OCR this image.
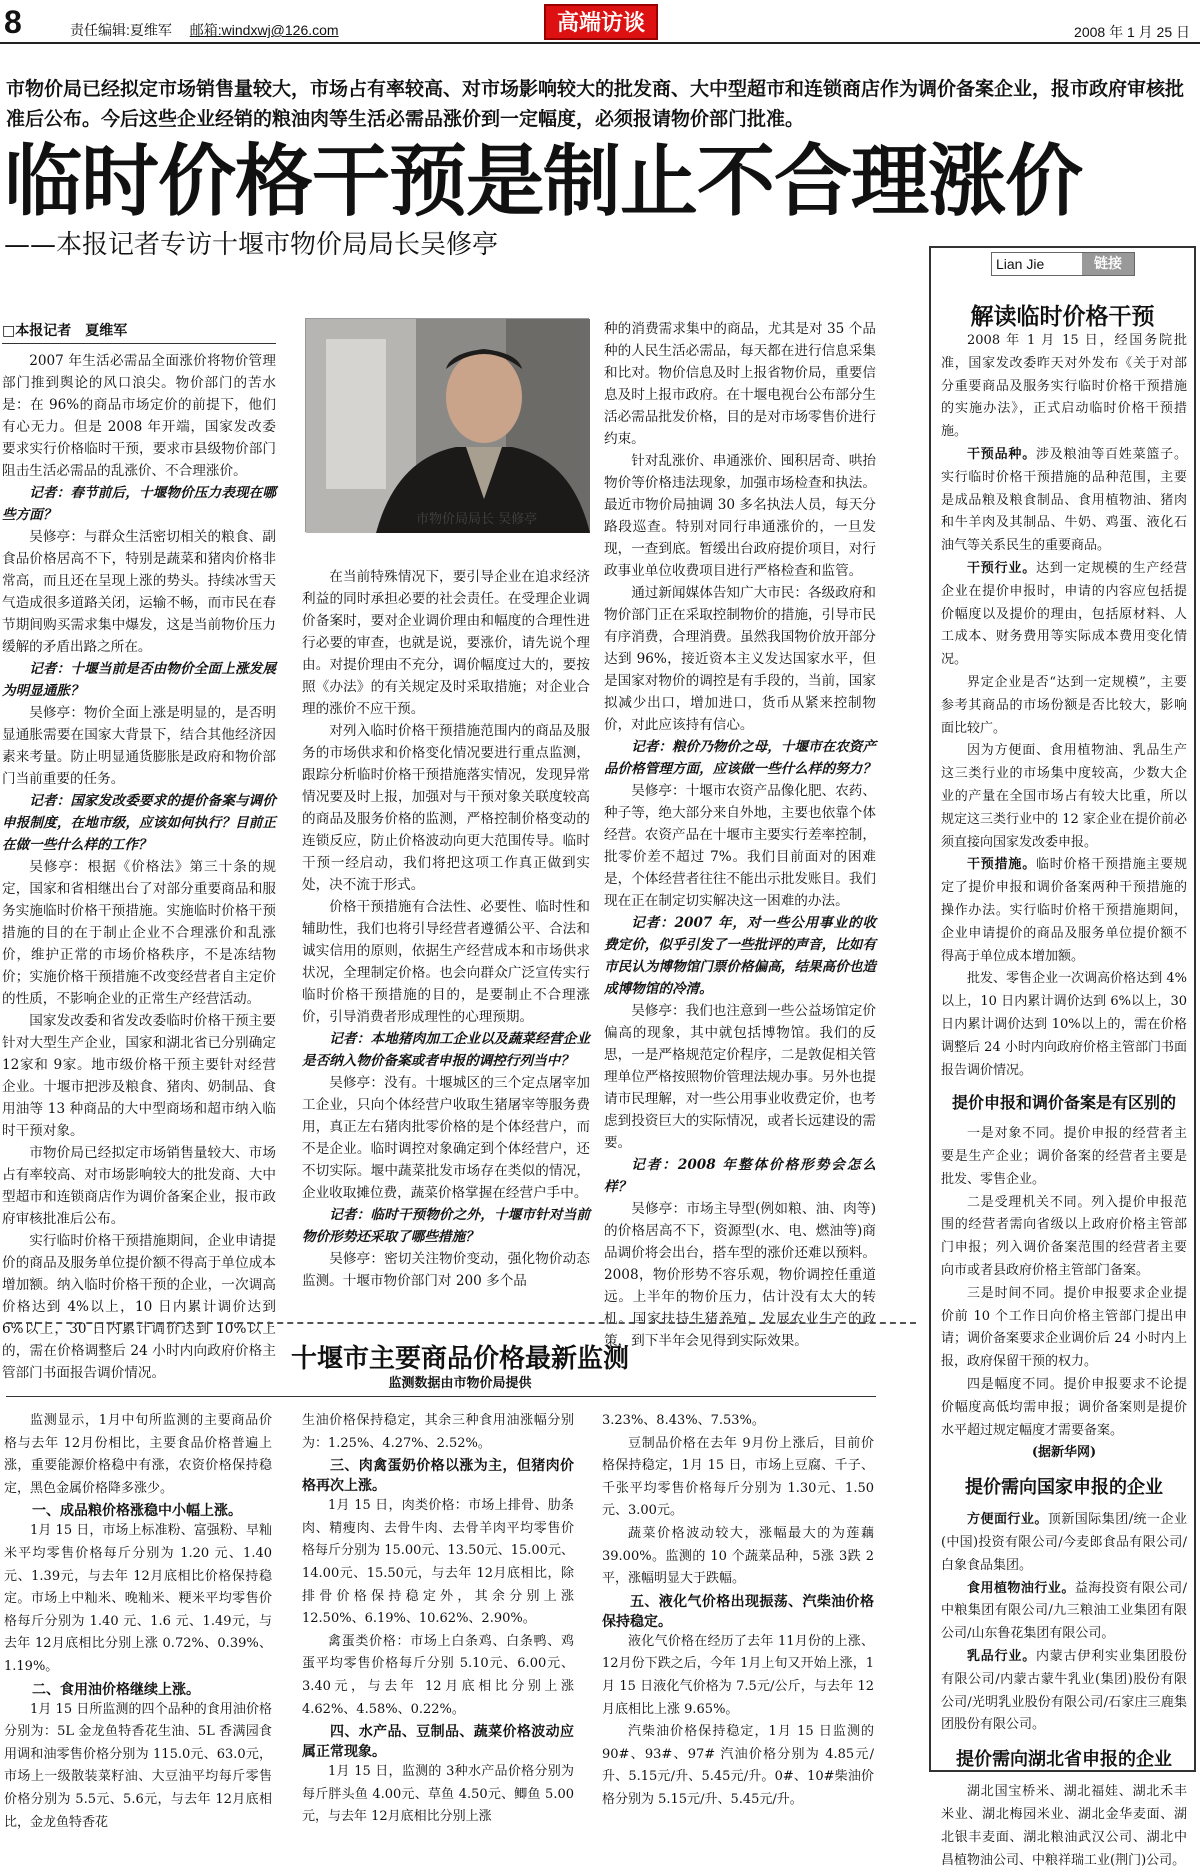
8	责任编辑:夏维军 邮箱:windxwj@126.com	高端访谈	2008 年 1 月 25 日
市物价局已经拟定市场销售量较大，市场占有率较高、对市场影响较大的批发商、大中型超市和连锁商店作为调价备案企业，报市政府审核批准后公布。今后这些企业经销的粮油肉等生活必需品涨价到一定幅度，必须报请物价部门批准。
临时价格干预是制止不合理涨价
——本报记者专访十堰市物价局局长吴修亭
□本报记者　夏维军

2007 年生活必需品全面涨价将物价管理部门推到舆论的风口浪尖。物价部门的苦水是：在 96%的商品市场定价的前提下，他们有心无力。但是 2008 年开端，国家发改委要求实行价格临时干预，要求市县级物价部门阻击生活必需品的乱涨价、不合理涨价。

记者：春节前后，十堰物价压力表现在哪些方面？

吴修亭：与群众生活密切相关的粮食、副食品价格居高不下，特别是蔬菜和猪肉价格非常高，而且还在呈现上涨的势头。持续冰雪天气造成很多道路关闭，运输不畅，而市民在春节期间购买需求集中爆发，这是当前物价压力缓解的矛盾出路之所在。

记者：十堰当前是否由物价全面上涨发展为明显通胀？

吴修亭：物价全面上涨是明显的，是否明显通胀需要在国家大背景下，结合其他经济因素来考量。防止明显通货膨胀是政府和物价部门当前重要的任务。

记者：国家发改委要求的提价备案与调价申报制度，在地市级，应该如何执行？目前正在做一些什么样的工作？

吴修亭：根据《价格法》第三十条的规定，国家和省相继出台了对部分重要商品和服务实施临时价格干预措施。实施临时价格干预措施的目的在于制止企业不合理涨价和乱涨价，维护正常的市场价格秩序，不是冻结物价；实施价格干预措施不改变经营者自主定价的性质，不影响企业的正常生产经营活动。

国家发改委和省发改委临时价格干预主要针对大型生产企业，国家和湖北省已分别确定 12家和 9家。地市级价格干预主要针对经营企业。十堰市把涉及粮食、猪肉、奶制品、食用油等 13 种商品的大中型商场和超市纳入临时干预对象。

市物价局已经拟定市场销售量较大、市场占有率较高、对市场影响较大的批发商、大中型超市和连锁商店作为调价备案企业，报市政府审核批准后公布。

实行临时价格干预措施期间，企业申请提价的商品及服务单位提价额不得高于单位成本增加额。纳入临时价格干预的企业，一次调高价格达到 4%以上，10 日内累计调价达到 6%以上，30 日内累计调价达到 10%以上的，需在价格调整后 24 小时内向政府价格主管部门书面报告调价情况。

市物价局局长 吴修亭

在当前特殊情况下，要引导企业在追求经济利益的同时承担必要的社会责任。在受理企业调价备案时，要对企业调价理由和幅度的合理性进行必要的审查，也就是说，要涨价，请先说个理由。对提价理由不充分，调价幅度过大的，要按照《办法》的有关规定及时采取措施；对企业合理的涨价不应干预。

对列入临时价格干预措施范围内的商品及服务的市场供求和价格变化情况要进行重点监测，跟踪分析临时价格干预措施落实情况，发现异常情况要及时上报，加强对与干预对象关联度较高的商品及服务价格的监测，严格控制价格变动的连锁反应，防止价格波动向更大范围传导。临时干预一经启动，我们将把这项工作真正做到实处，决不流于形式。

价格干预措施有合法性、必要性、临时性和辅助性，我们也将引导经营者遵循公平、合法和诚实信用的原则，依据生产经营成本和市场供求状况，全理制定价格。也会向群众广泛宣传实行临时价格干预措施的目的，是要制止不合理涨价，引导消费者形成理性的心理预期。

记者：本地猪肉加工企业以及蔬菜经营企业是否纳入物价备案或者申报的调控行列当中？

吴修亭：没有。十堰城区的三个定点屠宰加工企业，只向个体经营户收取生猪屠宰等服务费用，真正左右猪肉批零价格的是个体经营户，而不是企业。临时调控对象确定到个体经营户，还不切实际。堰中蔬菜批发市场存在类似的情况，企业收取摊位费，蔬菜价格掌握在经营户手中。

记者：临时干预物价之外，十堰市针对当前物价形势还采取了哪些措施？

吴修亭：密切关注物价变动，强化物价动态监测。十堰市物价部门对 200 多个品

种的消费需求集中的商品，尤其是对 35 个品种的人民生活必需品，每天都在进行信息采集和比对。物价信息及时上报省物价局，重要信息及时上报市政府。在十堰电视台公布部分生活必需品批发价格，目的是对市场零售价进行约束。

针对乱涨价、串通涨价、囤积居奇、哄抬物价等价格违法现象，加强市场检查和执法。最近市物价局抽调 30 多名执法人员，每天分路段巡查。特别对同行串通涨价的，一旦发现，一查到底。暂缓出台政府提价项目，对行政事业单位收费项目进行严格检查和监管。

通过新闻媒体告知广大市民：各级政府和物价部门正在采取控制物价的措施，引导市民有序消费，合理消费。虽然我国物价放开部分达到 96%，接近资本主义发达国家水平，但是国家对物价的调控是有手段的，当前，国家拟减少出口，增加进口，货币从紧来控制物价，对此应该持有信心。

记者：粮价乃物价之母，十堰市在农资产品价格管理方面，应该做一些什么样的努力？

吴修亭：十堰市农资产品像化肥、农药、种子等，绝大部分来自外地，主要也依靠个体经营。农资产品在十堰市主要实行差率控制，批零价差不超过 7%。我们目前面对的困难是，个体经营者往往不能出示批发账目。我们现在正在制定切实解决这一困难的办法。

记者：2007 年，对一些公用事业的收费定价，似乎引发了一些批评的声音，比如有市民认为博物馆门票价格偏高，结果高价也造成博物馆的冷清。

吴修亭：我们也注意到一些公益场馆定价偏高的现象，其中就包括博物馆。我们的反思，一是严格规范定价程序，二是敦促相关管理单位严格按照物价管理法规办事。另外也提请市民理解，对一些公用事业收费定价，也考虑到投资巨大的实际情况，或者长远建设的需要。

记者：2008 年整体价格形势会怎么样？

吴修亭：市场主导型(例如粮、油、肉等)的价格居高不下，资源型(水、电、燃油等)商品调价将会出台，搭车型的涨价还难以预料。2008，物价形势不容乐观，物价调控任重道远。上半年的物价压力，估计没有太大的转机。国家扶持生猪养殖，发展农业生产的政策，到下半年会见得到实际效果。

Lian Jie	链接
解读临时价格干预

2008 年 1 月 15 日，经国务院批准，国家发改委昨天对外发布《关于对部分重要商品及服务实行临时价格干预措施的实施办法》，正式启动临时价格干预措施。

干预品种。涉及粮油等百姓菜篮子。实行临时价格干预措施的品种范围，主要是成品粮及粮食制品、食用植物油、猪肉和牛羊肉及其制品、牛奶、鸡蛋、液化石油气等关系民生的重要商品。

干预行业。达到一定规模的生产经营企业在提价申报时，申请的内容应包括提价幅度以及提价的理由，包括原材料、人工成本、财务费用等实际成本费用变化情况。

界定企业是否“达到一定规模”，主要参考其商品的市场份额是否比较大，影响面比较广。

因为方便面、食用植物油、乳品生产这三类行业的市场集中度较高，少数大企业的产量在全国市场占有较大比重，所以规定这三类行业中的 12 家企业在提价前必须直接向国家发改委申报。

干预措施。临时价格干预措施主要规定了提价申报和调价备案两种干预措施的操作办法。实行临时价格干预措施期间，企业申请提价的商品及服务单位提价额不得高于单位成本增加额。

批发、零售企业一次调高价格达到 4%以上，10 日内累计调价达到 6%以上，30 日内累计调价达到 10%以上的，需在价格调整后 24 小时内向政府价格主管部门书面报告调价情况。

提价申报和调价备案是有区别的

一是对象不同。提价申报的经营者主要是生产企业；调价备案的经营者主要是批发、零售企业。

二是受理机关不同。列入提价申报范围的经营者需向省级以上政府价格主管部门申报；列入调价备案范围的经营者主要向市或者县政府价格主管部门备案。

三是时间不同。提价申报要求企业提价前 10 个工作日向价格主管部门提出申请；调价备案要求企业调价后 24 小时内上报，政府保留干预的权力。

四是幅度不同。提价申报要求不论提价幅度高低均需申报；调价备案则是提价水平超过规定幅度才需要备案。

(据新华网)

提价需向国家申报的企业

方便面行业。顶新国际集团/统一企业(中国)投资有限公司/今麦郎食品有限公司/白象食品集团。

食用植物油行业。益海投资有限公司/中粮集团有限公司/九三粮油工业集团有限公司/山东鲁花集团有限公司。

乳品行业。内蒙古伊利实业集团股份有限公司/内蒙古蒙牛乳业(集团)股份有限公司/光明乳业股份有限公司/石家庄三鹿集团股份有限公司。

提价需向湖北省申报的企业

湖北国宝桥米、湖北福娃、湖北禾丰米业、湖北梅园米业、湖北金华麦面、湖北银丰麦面、湖北粮油武汉公司、湖北中昌植物油公司、中粮祥瑞工业(荆门)公司。

十堰市主要商品价格最新监测
监测数据由市物价局提供

监测显示，1月中旬所监测的主要商品价格与去年 12月份相比，主要食品价格普遍上涨，重要能源价格稳中有涨，农资价格保持稳定，黑色金属价格降多涨少。

一、成品粮价格涨稳中小幅上涨。

1月 15 日，市场上标准粉、富强粉、早籼米平均零售价格每斤分别为 1.20 元、1.40 元、1.39元，与去年 12月底相比价格保持稳定。市场上中籼米、晚籼米、粳米平均零售价格每斤分别为 1.40 元、1.6 元、1.49元，与去年 12月底相比分别上涨 0.72%、0.39%、1.19%。

二、食用油价格继续上涨。

1月 15 日所监测的四个品种的食用油价格分别为：5L 金龙鱼特香花生油、5L 香满园食用调和油零售价格分别为 115.0元、63.0元，市场上一级散装菜籽油、大豆油平均每斤零售价格分别为 5.5元、5.6元，与去年 12月底相比，金龙鱼特香花

生油价格保持稳定，其余三种食用油涨幅分别为：1.25%、4.27%、2.52%。

三、肉禽蛋奶价格以涨为主，但猪肉价格再次上涨。

1月 15 日，肉类价格：市场上排骨、肋条肉、精瘦肉、去骨牛肉、去骨羊肉平均零售价格每斤分别为 15.00元、13.50元、15.00元、14.00元、15.50元，与去年 12月底相比，除排骨价格保持稳定外，其余分别上涨 12.50%、6.19%、10.62%、2.90%。

禽蛋类价格：市场上白条鸡、白条鸭、鸡蛋平均零售价格每斤分别 5.10元、6.00元、3.40元，与去年 12月底相比分别上涨 4.62%、4.58%、0.22%。

四、水产品、豆制品、蔬菜价格波动应属正常现象。

1月 15 日，监测的 3种水产品价格分别为每斤胖头鱼 4.00元、草鱼 4.50元、鲫鱼 5.00元，与去年 12月底相比分别上涨

3.23%、8.43%、7.53%。

豆制品价格在去年 9月份上涨后，目前价格保持稳定，1月 15 日，市场上豆腐、千子、千张平均零售价格每斤分别为 1.30元、1.50元、3.00元。

蔬菜价格波动较大，涨幅最大的为莲藕 39.00%。监测的 10 个蔬菜品种，5涨 3跌 2平，涨幅明显大于跌幅。

五、液化气价格出现振荡、汽柴油价格保持稳定。

液化气价格在经历了去年 11月份的上涨、12月份下跌之后，今年 1月上旬又开始上涨，1月 15 日液化气价格为 7.5元/公斤，与去年 12月底相比上涨 9.65%。

汽柴油价格保持稳定，1月 15 日监测的 90#、93#、97# 汽油价格分别为 4.85元/升、5.15元/升、5.45元/升。0#、10#柴油价格分别为 5.15元/升、5.45元/升。
